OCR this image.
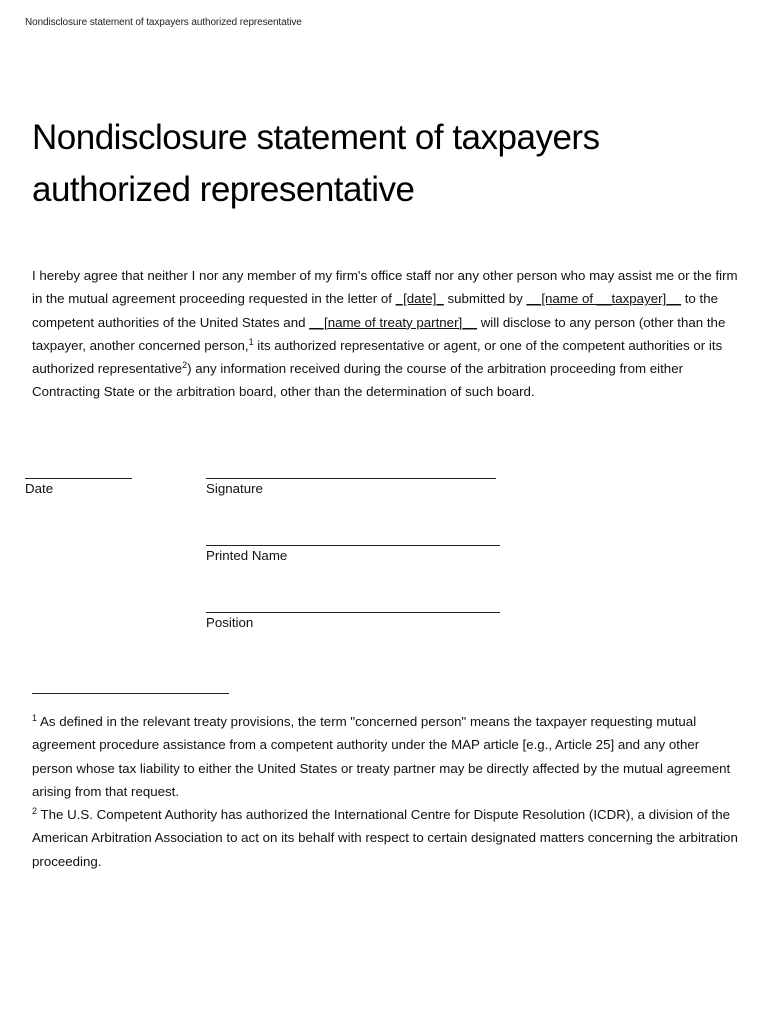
Nondisclosure statement of taxpayers authorized representative
Nondisclosure statement of taxpayers authorized representative

I hereby agree that neither I nor any member of my firm's office staff nor any other person who may assist me or the firm in the mutual agreement proceeding requested in the letter of _[date]_ submitted by __[name of __taxpayer]__ to the competent authorities of the United States and __[name of treaty partner]__ will disclose to any person (other than the taxpayer, another concerned person,$^1$ its authorized representative or agent, or one of the competent authorities or its authorized representative$^2$) any information received during the course of the arbitration proceeding from either Contracting State or the arbitration board, other than the determination of such board.

Date	Signature
Printed Name
Position

$^1$ As defined in the relevant treaty provisions, the term "concerned person" means the taxpayer requesting mutual agreement procedure assistance from a competent authority under the MAP article [e.g., Article 25] and any other person whose tax liability to either the United States or treaty partner may be directly affected by the mutual agreement arising from that request.

$^2$ The U.S. Competent Authority has authorized the International Centre for Dispute Resolution (ICDR), a division of the American Arbitration Association to act on its behalf with respect to certain designated matters concerning the arbitration proceeding.
